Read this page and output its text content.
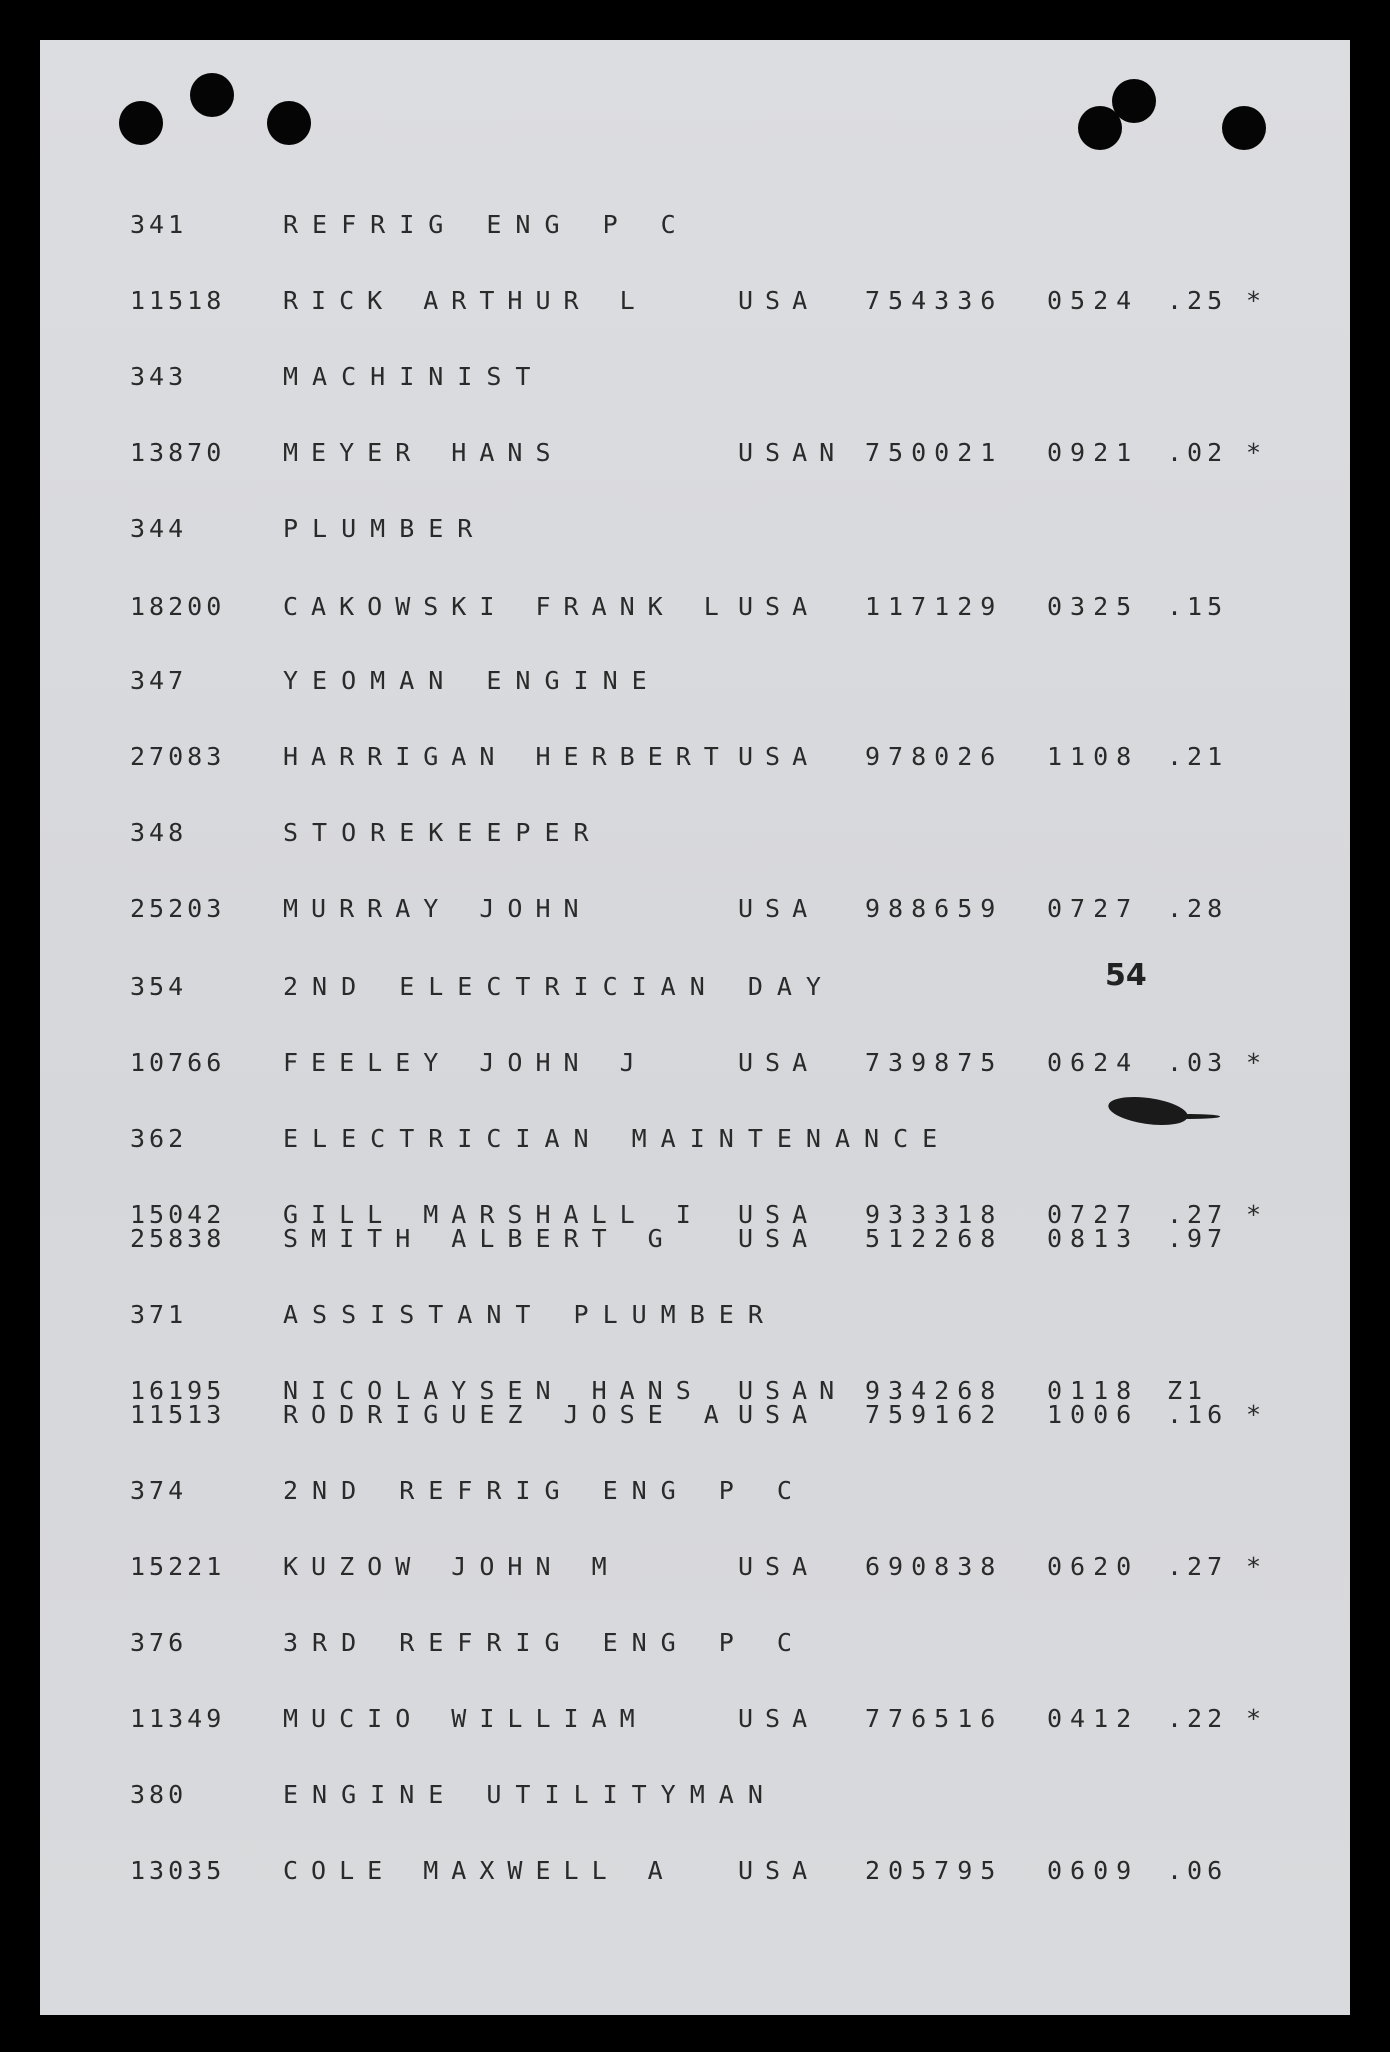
341	REFRIG ENG P C
11518 RICK ARTHUR L	USA 754336 0524 .25 *
343	MACHINIST
13870 MEYER HANS	USAN 750021 0921 .02 *
344	PLUMBER
18200 CAKOWSKI FRANK L USA 117129 0325 .15
347	YEOMAN ENGINE
27083 HARRIGAN HERBERT USA 978026 1108 .21
348	STOREKEEPER
25203 MURRAY JOHN	USA 988659 0727 .28
354	2ND ELECTRICIAN DAY
10766 FEELEY JOHN J	USA 739875 0624 .03 *
362	ELECTRICIAN MAINTENANCE
15042 GILL MARSHALL I USA 933318 0727 .27 *
25838 SMITH ALBERT G USA 512268 0813 .97
371	ASSISTANT PLUMBER
16195 NICOLAYSEN HANS USAN 934268 0118 Z1
11513 RODRIGUEZ JOSE A USA 759162 1006 .16 *
374	2ND REFRIG ENG P C
15221 KUZOW JOHN M	USA 690838 0620 .27 *
376	3RD REFRIG ENG P C
11349 MUCIO WILLIAM	USA 776516 0412 .22 *
380	ENGINE UTILITYMAN
13035 COLE MAXWELL A USA 205795 0609 .06
54
